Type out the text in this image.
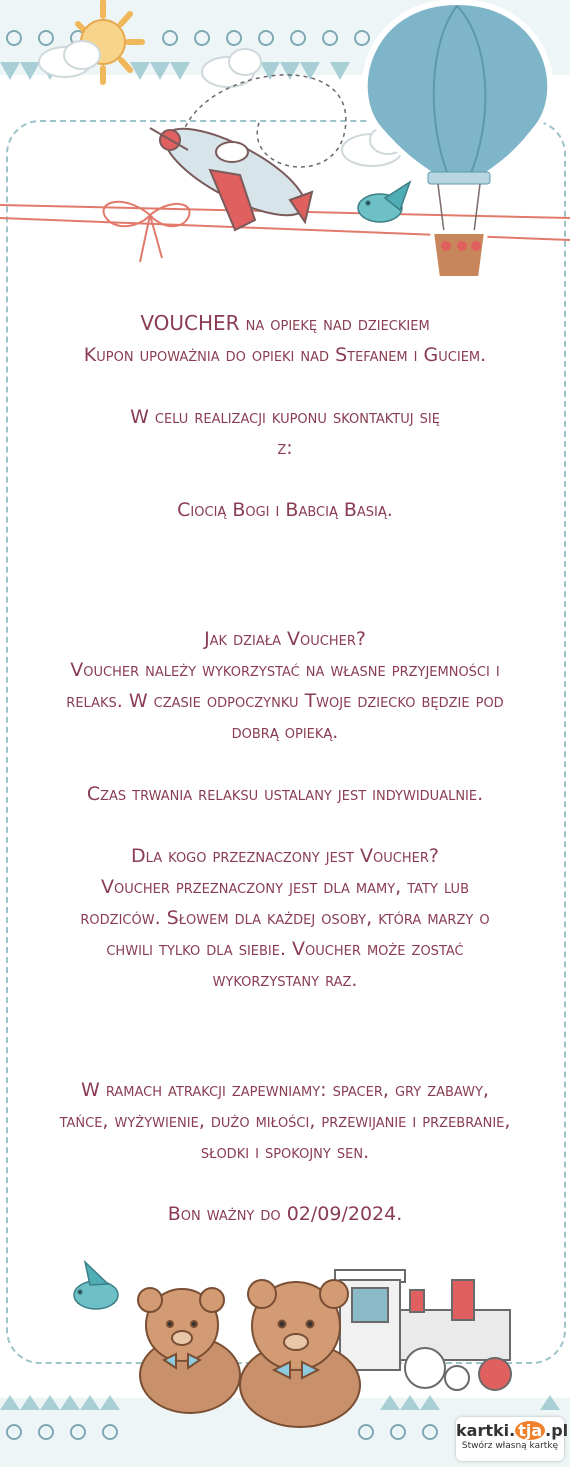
VOUCHER na opiekę nad dzieckiem
Kupon upoważnia do opieki nad Stefanem i Guciem.
W celu realizacji kuponu skontaktuj się
z:
Ciocią Bogi i Babcią Basią.
Jak działa Voucher?
Voucher należy wykorzystać na własne przyjemności i
relaks. W czasie odpoczynku Twoje dziecko będzie pod
dobrą opieką.
Czas trwania relaksu ustalany jest indywidualnie.
Dla kogo przeznaczony jest Voucher?
Voucher przeznaczony jest dla mamy, taty lub
rodziców. Słowem dla każdej osoby, która marzy o
chwili tylko dla siebie. Voucher może zostać
wykorzystany raz.
W ramach atrakcji zapewniamy: spacer, gry zabawy,
tańce, wyżywienie, dużo miłości, przewijanie i przebranie,
słodki i spokojny sen.
Bon ważny do 02/09/2024.
kartki. tja .pl
Stwórz własną kartkę
